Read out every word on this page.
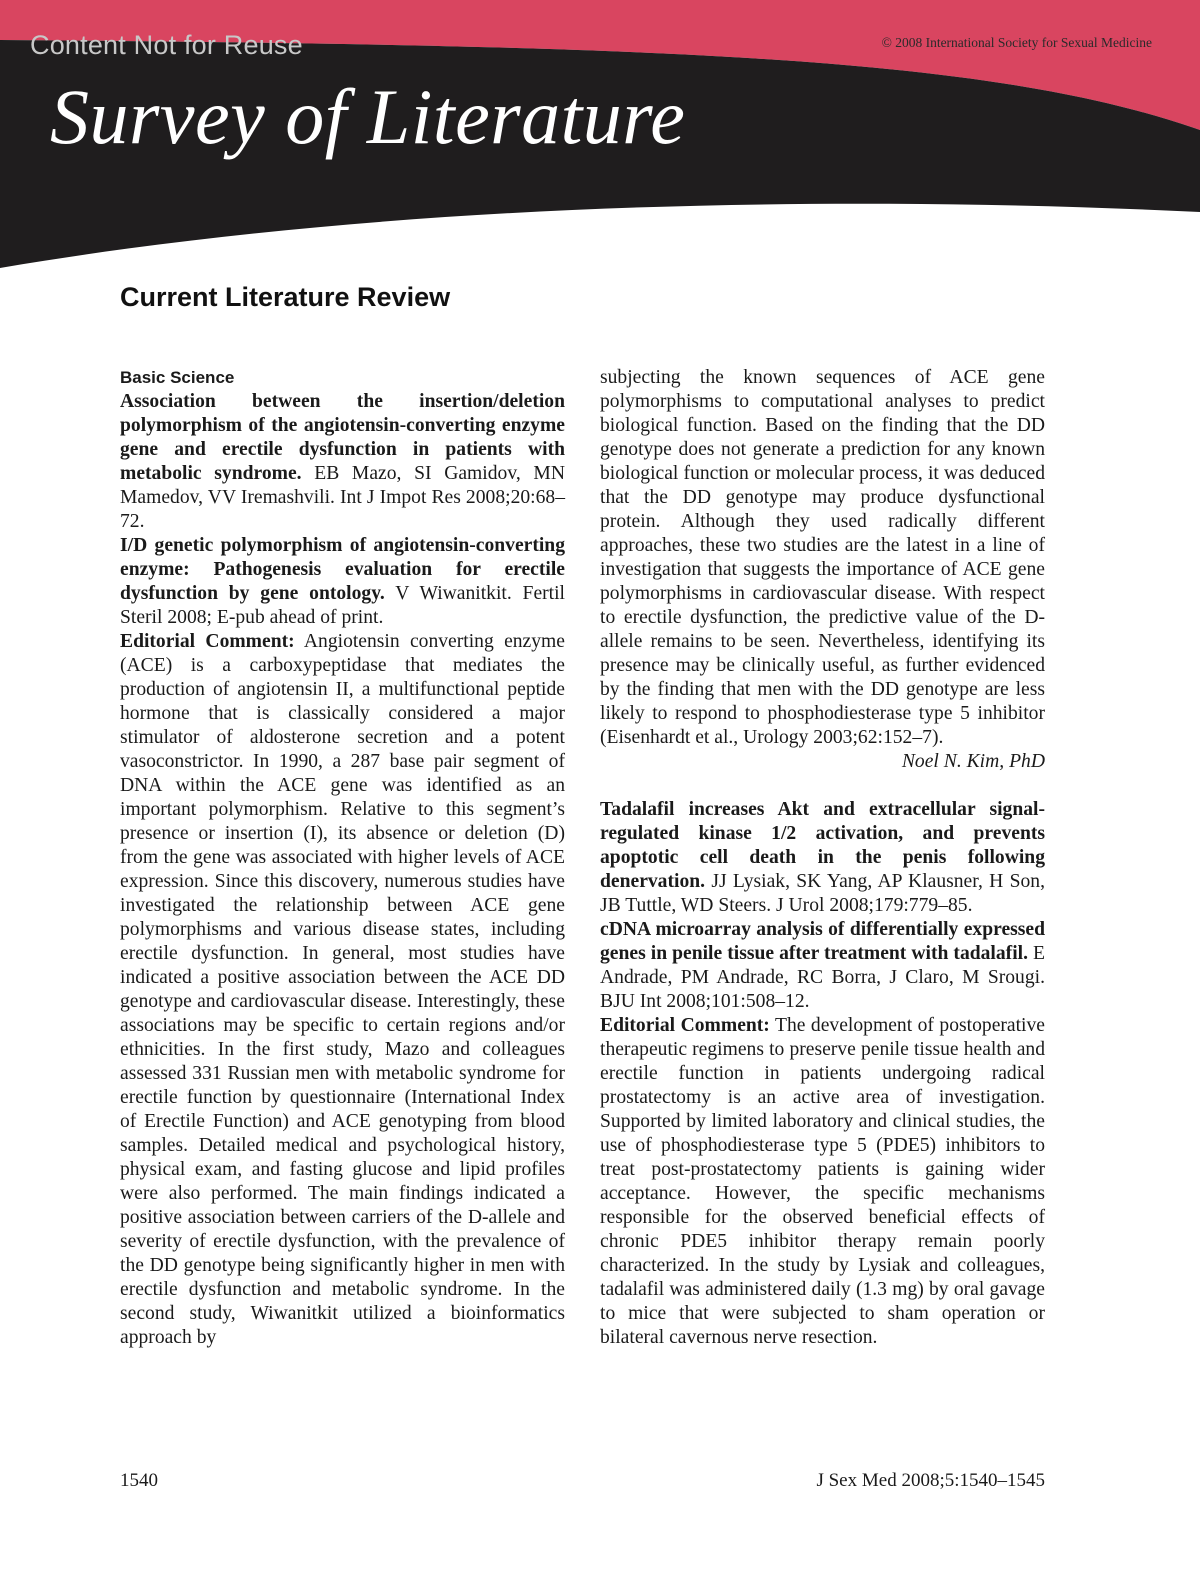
Content Not for Reuse	© 2008 International Society for Sexual Medicine
Survey of Literature
Current Literature Review

Basic Science

Association between the insertion/deletion polymorphism of the angiotensin-converting enzyme gene and erectile dysfunction in patients with metabolic syndrome. EB Mazo, SI Gamidov, MN Mamedov, VV Iremashvili. Int J Impot Res 2008;20:68–72.

I/D genetic polymorphism of angiotensin-converting enzyme: Pathogenesis evaluation for erectile dysfunction by gene ontology. V Wiwanitkit. Fertil Steril 2008; E-pub ahead of print.

Editorial Comment: Angiotensin converting enzyme (ACE) is a carboxypeptidase that mediates the production of angiotensin II, a multifunctional peptide hormone that is classically considered a major stimulator of aldosterone secretion and a potent vasoconstrictor. In 1990, a 287 base pair segment of DNA within the ACE gene was identified as an important polymorphism. Relative to this segment’s presence or insertion (I), its absence or deletion (D) from the gene was associated with higher levels of ACE expression. Since this discovery, numerous studies have investigated the relationship between ACE gene polymorphisms and various disease states, including erectile dysfunction. In general, most studies have indicated a positive association between the ACE DD genotype and cardiovascular disease. Interestingly, these associations may be specific to certain regions and/or ethnicities. In the first study, Mazo and colleagues assessed 331 Russian men with metabolic syndrome for erectile function by questionnaire (International Index of Erectile Function) and ACE genotyping from blood samples. Detailed medical and psychological history, physical exam, and fasting glucose and lipid profiles were also performed. The main findings indicated a positive association between carriers of the D-allele and severity of erectile dysfunction, with the prevalence of the DD genotype being significantly higher in men with erectile dysfunction and metabolic syndrome. In the second study, Wiwanitkit utilized a bioinformatics approach by

subjecting the known sequences of ACE gene polymorphisms to computational analyses to predict biological function. Based on the finding that the DD genotype does not generate a prediction for any known biological function or molecular process, it was deduced that the DD genotype may produce dysfunctional protein. Although they used radically different approaches, these two studies are the latest in a line of investigation that suggests the importance of ACE gene polymorphisms in cardiovascular disease. With respect to erectile dysfunction, the predictive value of the D-allele remains to be seen. Nevertheless, identifying its presence may be clinically useful, as further evidenced by the finding that men with the DD genotype are less likely to respond to phosphodiesterase type 5 inhibitor (Eisenhardt et al., Urology 2003;62:152–7).

Noel N. Kim, PhD

Tadalafil increases Akt and extracellular signal-regulated kinase 1/2 activation, and prevents apoptotic cell death in the penis following denervation. JJ Lysiak, SK Yang, AP Klausner, H Son, JB Tuttle, WD Steers. J Urol 2008;179:779–85.

cDNA microarray analysis of differentially expressed genes in penile tissue after treatment with tadalafil. E Andrade, PM Andrade, RC Borra, J Claro, M Srougi. BJU Int 2008;101:508–12.

Editorial Comment: The development of postoperative therapeutic regimens to preserve penile tissue health and erectile function in patients undergoing radical prostatectomy is an active area of investigation. Supported by limited laboratory and clinical studies, the use of phosphodiesterase type 5 (PDE5) inhibitors to treat post-prostatectomy patients is gaining wider acceptance. However, the specific mechanisms responsible for the observed beneficial effects of chronic PDE5 inhibitor therapy remain poorly characterized. In the study by Lysiak and colleagues, tadalafil was administered daily (1.3 mg) by oral gavage to mice that were subjected to sham operation or bilateral cavernous nerve resection.

1540	J Sex Med 2008;5:1540–1545
